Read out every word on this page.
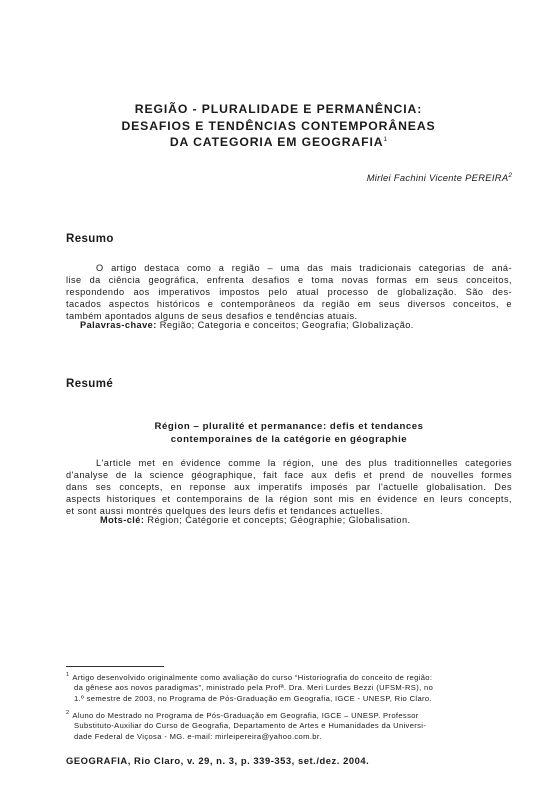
REGIÃO - PLURALIDADE E PERMANÊNCIA:
DESAFIOS E TENDÊNCIAS CONTEMPORÂNEAS
DA CATEGORIA EM GEOGRAFIA$^1$
Mirlei Fachini Vicente PEREIRA$^2$
Resumo
O artigo destaca como a região – uma das mais tradicionais categorias de aná-
lise da ciência geográfica, enfrenta desafios e toma novas formas em seus conceitos,
respondendo aos imperativos impostos pelo atual processo de globalização. São des-
tacados aspectos históricos e contemporâneos da região em seus diversos conceitos, e
também apontados alguns de seus desafios e tendências atuais.
Palavras-chave: Região; Categoria e conceitos; Geografia; Globalização.
Resumé
Région – pluralité et permanance: defis et tendances
contemporaines de la catégorie en géographie
L'article met en évidence comme la région, une des plus traditionnelles categories
d'analyse de la science géographique, fait face aux defis et prend de nouvelles formes
dans ses concepts, en reponse aux imperatifs imposés par l'actuelle globalisation. Des
aspects historiques et contemporains de la région sont mis en évidence en leurs concepts,
et sont aussi montrés quelques des leurs defis et tendances actuelles.
Mots-clé: Région; Catégorie et concepts; Géographie; Globalisation.
$^1$ Artigo desenvolvido originalmente como avaliação do curso “Historiografia do conceito de região:
da gênese aos novos paradigmas”, ministrado pela Profª. Dra. Meri Lurdes Bezzi (UFSM-RS), no
1.º semestre de 2003, no Programa de Pós-Graduação em Geografia, IGCE - UNESP, Rio Claro.
$^2$ Aluno do Mestrado no Programa de Pós-Graduação em Geografia, IGCE – UNESP. Professor
Substituto-Auxiliar do Curso de Geografia, Departamento de Artes e Humanidades da Universi-
dade Federal de Viçosa - MG. e-mail: mirleipereira@yahoo.com.br.
GEOGRAFIA, Rio Claro, v. 29, n. 3, p. 339-353, set./dez. 2004.
